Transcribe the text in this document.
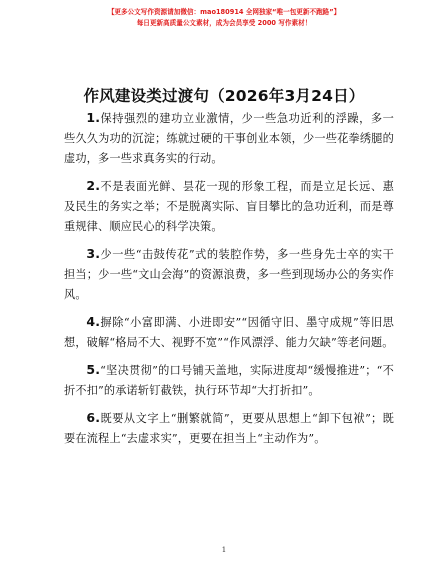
【更多公文写作资源请加微信：mao180914 全网独家“唯一包更新不跑路”】
每日更新高质量公文素材，成为会员享受 2000 写作素材！
作风建设类过渡句（2026年3月24日）

1.保持强烈的建功立业激情，少一些急功近利的浮躁，多一些久久为功的沉淀；练就过硬的干事创业本领，少一些花拳绣腿的虚功，多一些求真务实的行动。

2.不是表面光鲜、昙花一现的形象工程，而是立足长远、惠及民生的务实之举；不是脱离实际、盲目攀比的急功近利，而是尊重规律、顺应民心的科学决策。

3.少一些“击鼓传花”式的装腔作势，多一些身先士卒的实干担当；少一些“文山会海”的资源浪费，多一些到现场办公的务实作风。

4.摒除“小富即满、小进即安”“因循守旧、墨守成规”等旧思想，破解“格局不大、视野不宽”“作风漂浮、能力欠缺”等老问题。

5.“坚决贯彻”的口号铺天盖地，实际进度却“缓慢推进”；“不折不扣”的承诺斩钉截铁，执行环节却“大打折扣”。

6.既要从文字上“删繁就简”，更要从思想上“卸下包袱”；既要在流程上“去虚求实”，更要在担当上“主动作为”。

1
